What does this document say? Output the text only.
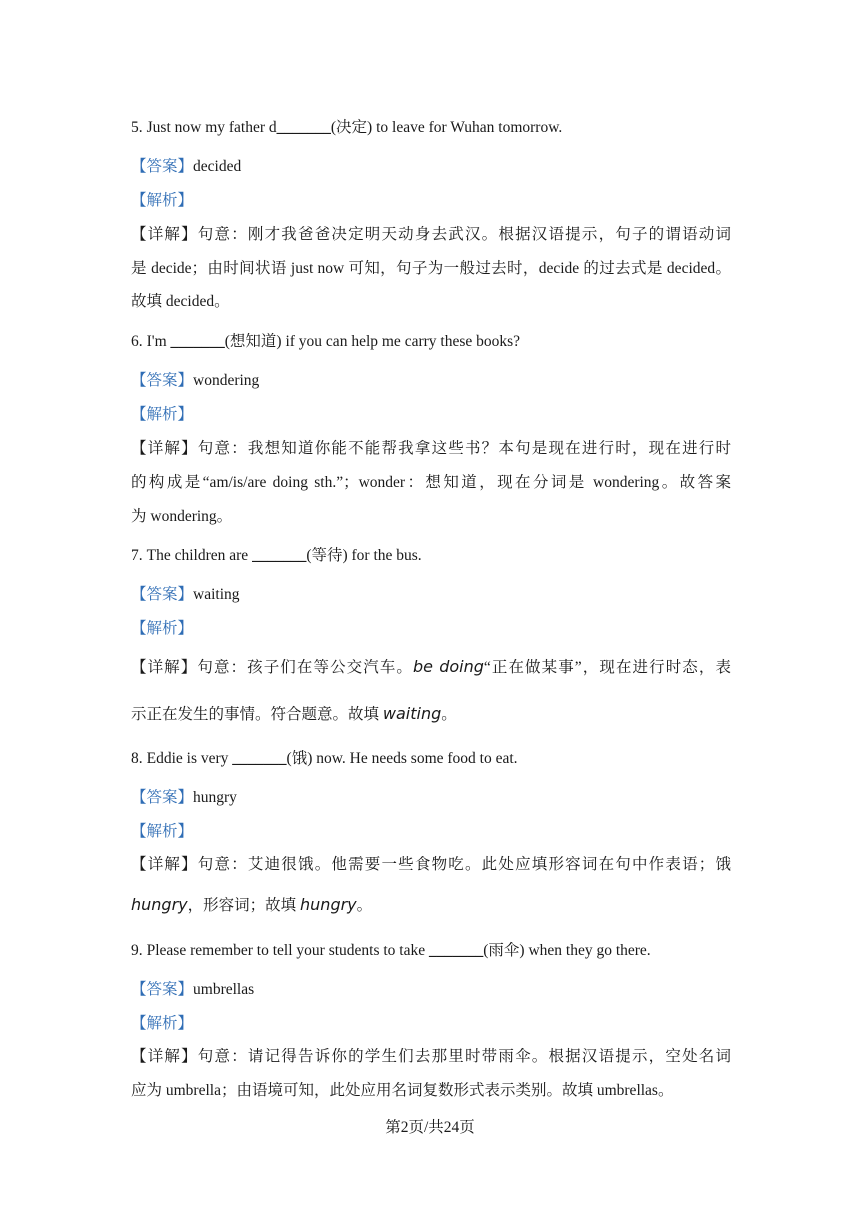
5. Just now my father d_______(决定) to leave for Wuhan tomorrow.
【答案】decided
【解析】
【详解】句意：刚才我爸爸决定明天动身去武汉。根据汉语提示，句子的谓语动词
是 decide；由时间状语 just now 可知，句子为一般过去时，decide 的过去式是 decided。
故填 decided。
6. I'm _______(想知道) if you can help me carry these books?
【答案】wondering
【解析】
【详解】句意：我想知道你能不能帮我拿这些书？本句是现在进行时，现在进行时
的构成是“am/is/are doing sth.”；wonder：想知道，现在分词是 wondering。故答案
为 wondering。
7. The children are _______(等待) for the bus.
【答案】waiting
【解析】
【详解】句意：孩子们在等公交汽车。be doing“正在做某事”，现在进行时态，表
示正在发生的事情。符合题意。故填 waiting。
8. Eddie is very _______(饿) now. He needs some food to eat.
【答案】hungry
【解析】
【详解】句意：艾迪很饿。他需要一些食物吃。此处应填形容词在句中作表语；饿
hungry，形容词；故填 hungry。
9. Please remember to tell your students to take _______(雨伞) when they go there.
【答案】umbrellas
【解析】
【详解】句意：请记得告诉你的学生们去那里时带雨伞。根据汉语提示，空处名词
应为 umbrella；由语境可知，此处应用名词复数形式表示类别。故填 umbrellas。
第2页/共24页
